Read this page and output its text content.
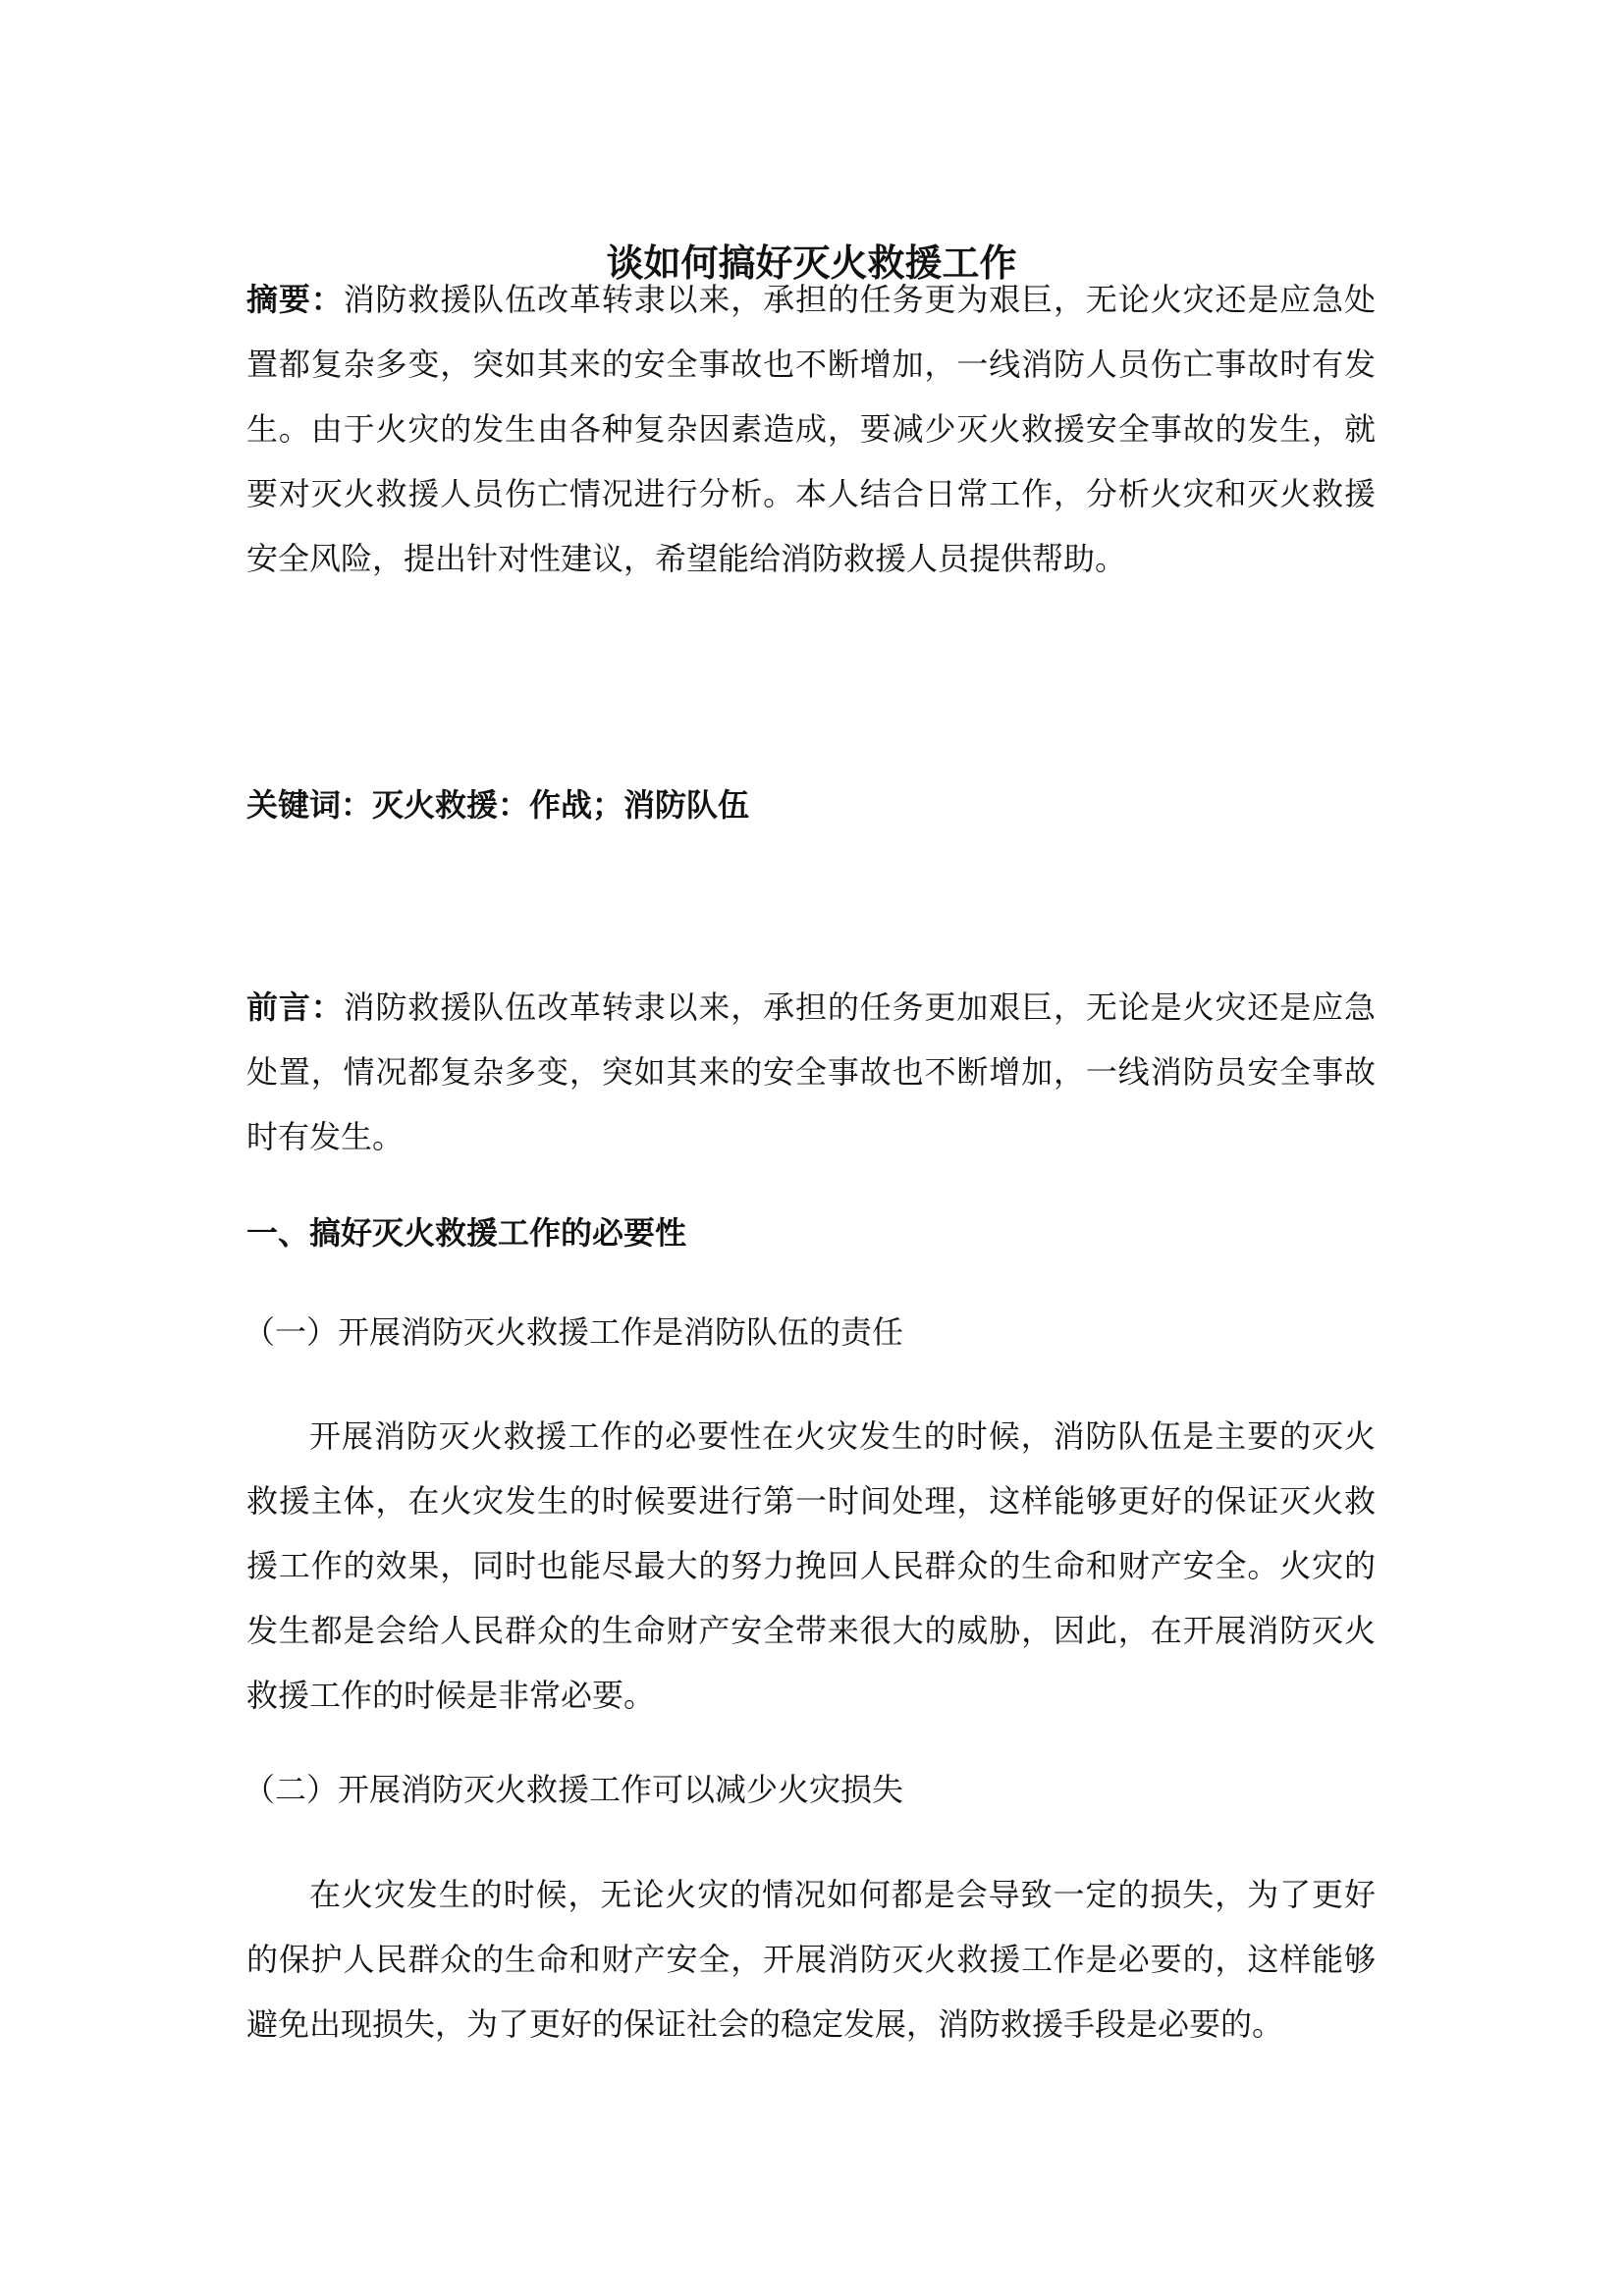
谈如何搞好灭火救援工作

摘要：消防救援队伍改革转隶以来，承担的任务更为艰巨，无论火灾还是应急处置都复杂多变，突如其来的安全事故也不断增加，一线消防人员伤亡事故时有发生。由于火灾的发生由各种复杂因素造成，要减少灭火救援安全事故的发生，就要对灭火救援人员伤亡情况进行分析。本人结合日常工作，分析火灾和灭火救援安全风险，提出针对性建议，希望能给消防救援人员提供帮助。

关键词：灭火救援：作战；消防队伍

前言：消防救援队伍改革转隶以来，承担的任务更加艰巨，无论是火灾还是应急处置，情况都复杂多变，突如其来的安全事故也不断增加，一线消防员安全事故时有发生。

一、搞好灭火救援工作的必要性

（一）开展消防灭火救援工作是消防队伍的责任

开展消防灭火救援工作的必要性在火灾发生的时候，消防队伍是主要的灭火救援主体，在火灾发生的时候要进行第一时间处理，这样能够更好的保证灭火救援工作的效果，同时也能尽最大的努力挽回人民群众的生命和财产安全。火灾的发生都是会给人民群众的生命财产安全带来很大的威胁，因此，在开展消防灭火救援工作的时候是非常必要。

（二）开展消防灭火救援工作可以减少火灾损失

在火灾发生的时候，无论火灾的情况如何都是会导致一定的损失，为了更好的保护人民群众的生命和财产安全，开展消防灭火救援工作是必要的，这样能够避免出现损失，为了更好的保证社会的稳定发展，消防救援手段是必要的。
